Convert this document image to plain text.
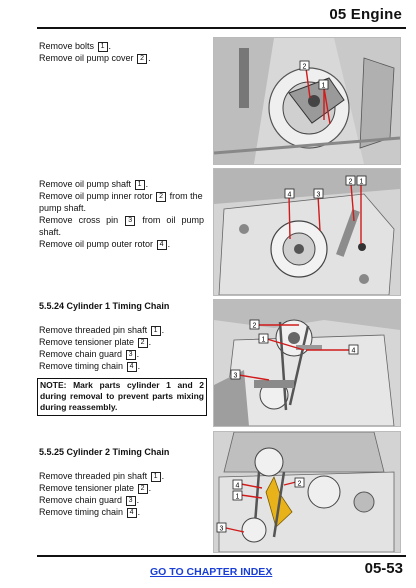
05 Engine
Remove bolts 1 .
Remove oil pump cover 2 .
2
1
Remove oil pump shaft 1 .
Remove oil pump inner rotor 2 from the
pump shaft.
Remove cross pin 3 from oil pump shaft.
Remove oil pump outer rotor 4 .
2 1
4	3
5.5.24 Cylinder 1 Timing Chain
Remove threaded pin shaft 1 .
Remove tensioner plate 2 .
Remove chain guard 3 .
Remove timing chain 4 .
2
1
4
3
NOTE: Mark parts cylinder 1 and 2 during removal to prevent parts mixing during reassembly.
5.5.25 Cylinder 2 Timing Chain
Remove threaded pin shaft 1 .
Remove tensioner plate 2 .
Remove chain guard 3 .
Remove timing chain 4 .
4
1
2
3
GO TO CHAPTER INDEX	05-53
